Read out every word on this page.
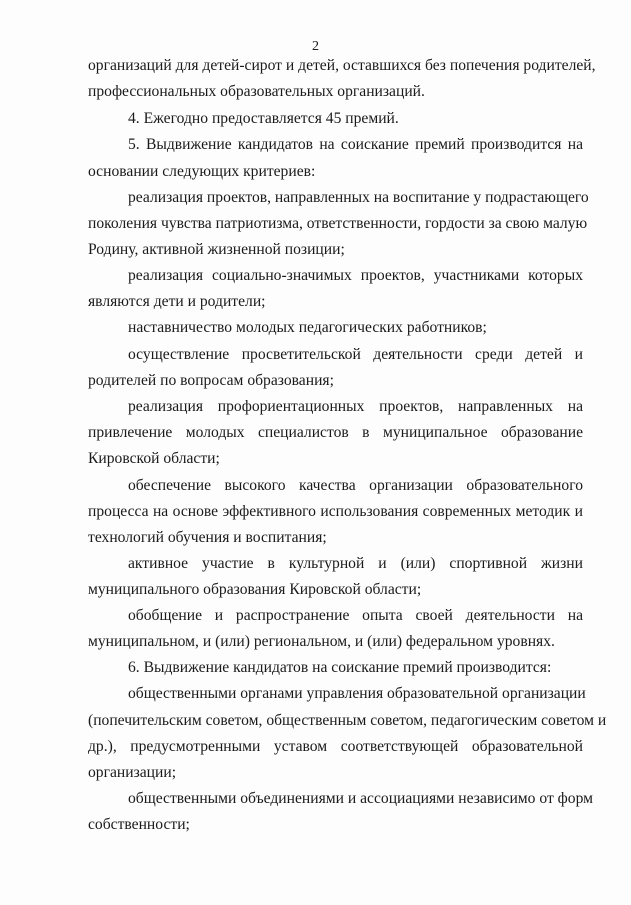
2
организаций для детей-сирот и детей, оставшихся без попечения родителей,
профессиональных образовательных организаций.
4. Ежегодно предоставляется 45 премий.
5. Выдвижение кандидатов на соискание премий производится на
основании следующих критериев:
реализация проектов, направленных на воспитание у подрастающего
поколения чувства патриотизма, ответственности, гордости за свою малую
Родину, активной жизненной позиции;
реализация социально-значимых проектов, участниками которых
являются дети и родители;
наставничество молодых педагогических работников;
осуществление просветительской деятельности среди детей и
родителей по вопросам образования;
реализация профориентационных проектов, направленных на
привлечение молодых специалистов в муниципальное образование
Кировской области;
обеспечение высокого качества организации образовательного
процесса на основе эффективного использования современных методик и
технологий обучения и воспитания;
активное участие в культурной и (или) спортивной жизни
муниципального образования Кировской области;
обобщение и распространение опыта своей деятельности на
муниципальном, и (или) региональном, и (или) федеральном уровнях.
6. Выдвижение кандидатов на соискание премий производится:
общественными органами управления образовательной организации
(попечительским советом, общественным советом, педагогическим советом и
др.), предусмотренными уставом соответствующей образовательной
организации;
общественными объединениями и ассоциациями независимо от форм
собственности;
